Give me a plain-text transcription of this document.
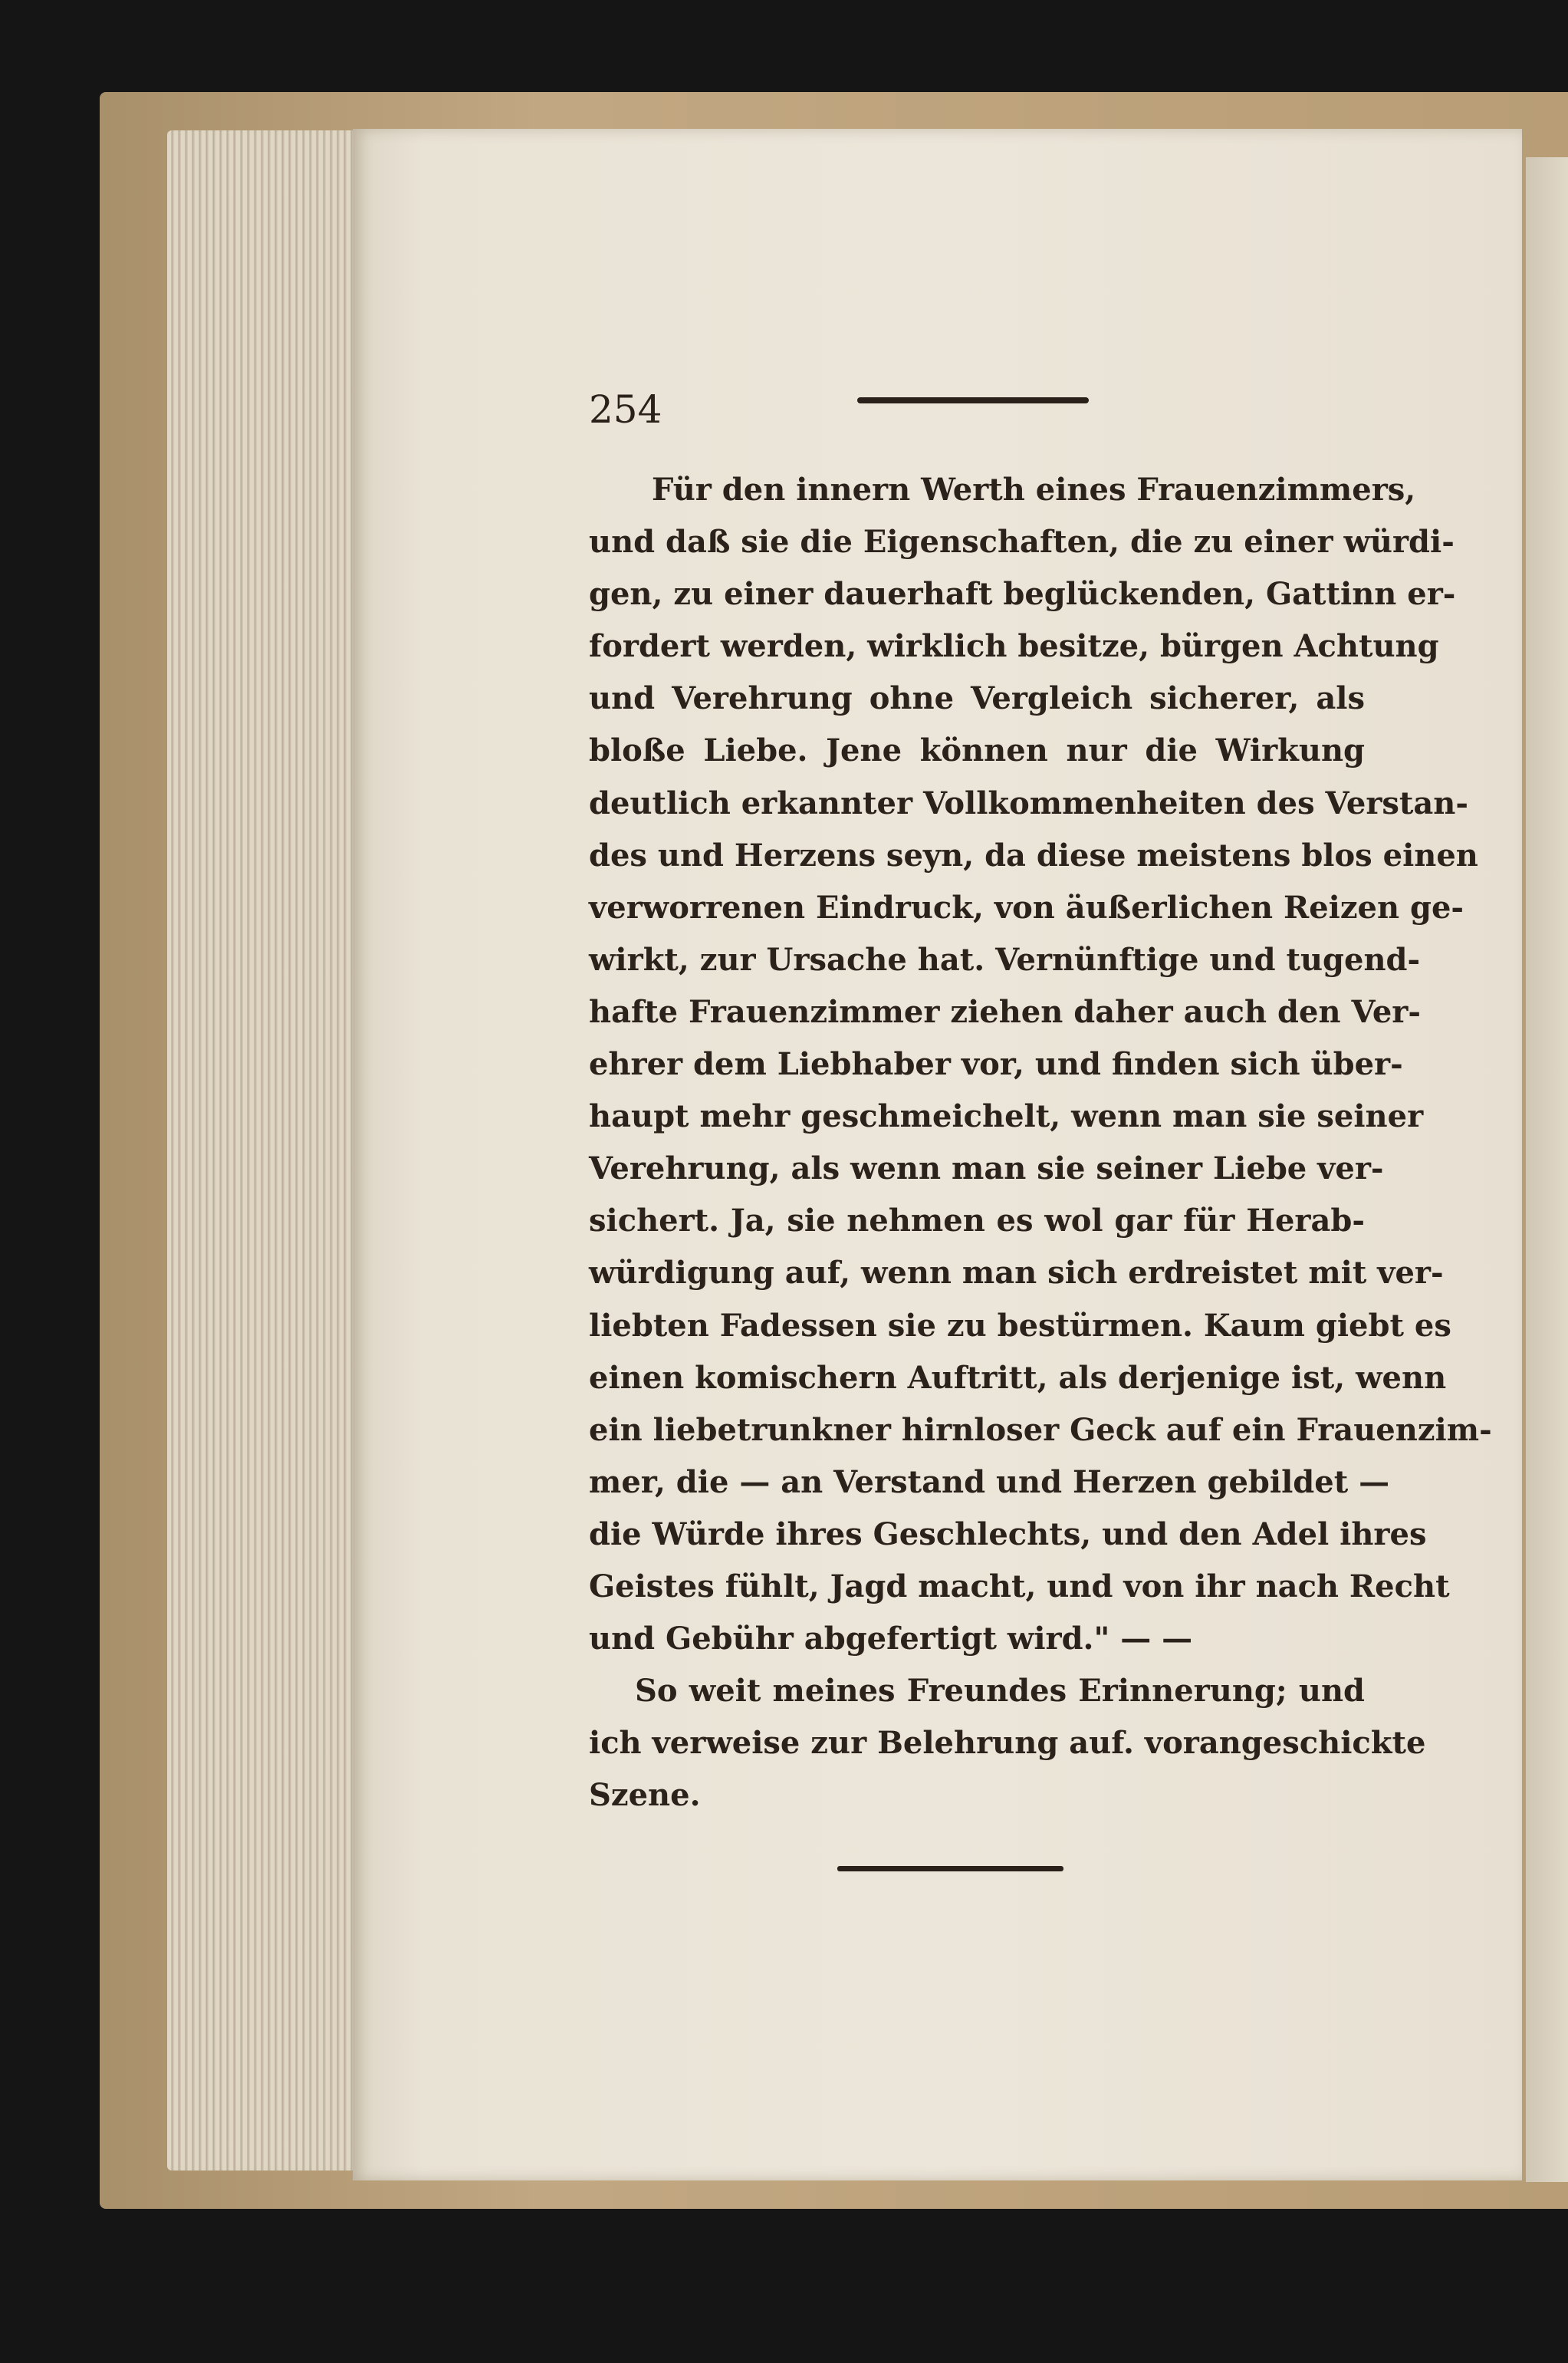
254
Für den innern Werth eines Frauenzimmers,
und daß sie die Eigenschaften, die zu einer würdi-
gen, zu einer dauerhaft beglückenden, Gattinn er-
fordert werden, wirklich besitze, bürgen Achtung
und Verehrung ohne Vergleich sicherer, als
bloße Liebe. Jene können nur die Wirkung
deutlich erkannter Vollkommenheiten des Verstan-
des und Herzens seyn, da diese meistens blos einen
verworrenen Eindruck, von äußerlichen Reizen ge-
wirkt, zur Ursache hat. Vernünftige und tugend-
hafte Frauenzimmer ziehen daher auch den Ver-
ehrer dem Liebhaber vor, und finden sich über-
haupt mehr geschmeichelt, wenn man sie seiner
Verehrung, als wenn man sie seiner Liebe ver-
sichert. Ja, sie nehmen es wol gar für Herab-
würdigung auf, wenn man sich erdreistet mit ver-
liebten Fadessen sie zu bestürmen. Kaum giebt es
einen komischern Auftritt, als derjenige ist, wenn
ein liebetrunkner hirnloser Geck auf ein Frauenzim-
mer, die — an Verstand und Herzen gebildet —
die Würde ihres Geschlechts, und den Adel ihres
Geistes fühlt, Jagd macht, und von ihr nach Recht
und Gebühr abgefertigt wird." — —
So weit meines Freundes Erinnerung; und
ich verweise zur Belehrung auf. vorangeschickte
Szene.
